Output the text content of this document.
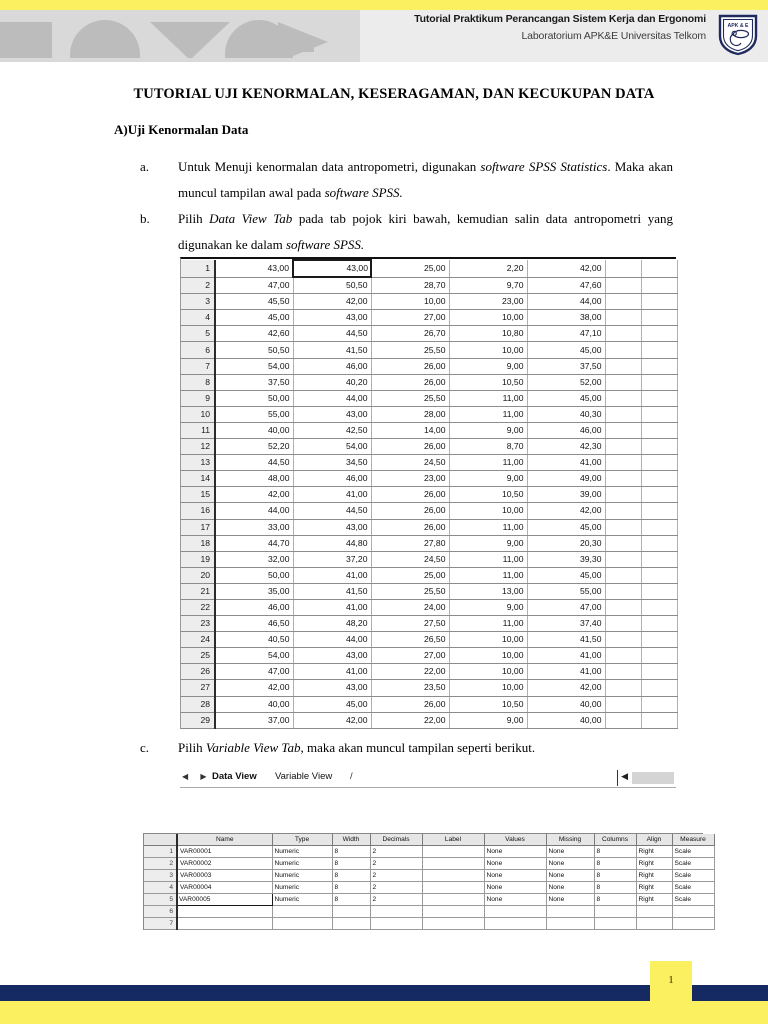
Tutorial Praktikum Perancangan Sistem Kerja dan Ergonomi
Laboratorium APK&E Universitas Telkom
APK & E
TUTORIAL UJI KENORMALAN, KESERAGAMAN, DAN KECUKUPAN DATA
A)Uji Kenormalan Data
a.	Untuk Menuji kenormalan data antropometri, digunakan software SPSS Statistics. Maka akan muncul tampilan awal pada software SPSS.
b.	Pilih Data View Tab pada tab pojok kiri bawah, kemudian salin data antropometri yang digunakan ke dalam software SPSS.
1	43,00	43,00	25,00	2,20	42,00		
2	47,00	50,50	28,70	9,70	47,60		
3	45,50	42,00	10,00	23,00	44,00		
4	45,00	43,00	27,00	10,00	38,00		
5	42,60	44,50	26,70	10,80	47,10		
6	50,50	41,50	25,50	10,00	45,00		
7	54,00	46,00	26,00	9,00	37,50		
8	37,50	40,20	26,00	10,50	52,00		
9	50,00	44,00	25,50	11,00	45,00		
10	55,00	43,00	28,00	11,00	40,30		
11	40,00	42,50	14,00	9,00	46,00		
12	52,20	54,00	26,00	8,70	42,30		
13	44,50	34,50	24,50	11,00	41,00		
14	48,00	46,00	23,00	9,00	49,00		
15	42,00	41,00	26,00	10,50	39,00		
16	44,00	44,50	26,00	10,00	42,00		
17	33,00	43,00	26,00	11,00	45,00		
18	44,70	44,80	27,80	9,00	20,30		
19	32,00	37,20	24,50	11,00	39,30		
20	50,00	41,00	25,00	11,00	45,00		
21	35,00	41,50	25,50	13,00	55,00		
22	46,00	41,00	24,00	9,00	47,00		
23	46,50	48,20	27,50	11,00	37,40		
24	40,50	44,00	26,50	10,00	41,50		
25	54,00	43,00	27,00	10,00	41,00		
26	47,00	41,00	22,00	10,00	41,00		
27	42,00	43,00	23,50	10,00	42,00		
28	40,00	45,00	26,00	10,50	40,00		
29	37,00	42,00	22,00	9,00	40,00		
◀ ▶ Data View Variable View /	◀
c.	Pilih Variable View Tab, maka akan muncul tampilan seperti berikut.
	Name	Type	Width	Decimals	Label	Values	Missing	Columns	Align	Measure
1	VAR00001	Numeric	8	2		None	None	8	Right	Scale
2	VAR00002	Numeric	8	2		None	None	8	Right	Scale
3	VAR00003	Numeric	8	2		None	None	8	Right	Scale
4	VAR00004	Numeric	8	2		None	None	8	Right	Scale
5	VAR00005	Numeric	8	2		None	None	8	Right	Scale
6										
7										
1
